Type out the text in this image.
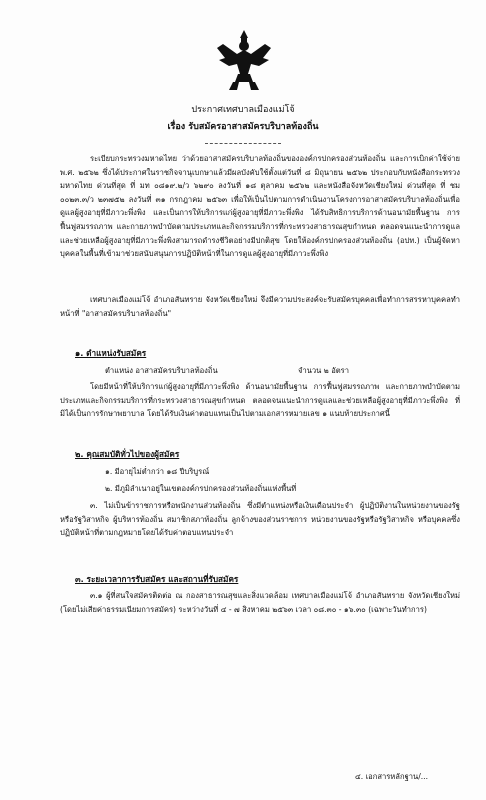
ประกาศเทศบาลเมืองแม่โจ้
เรื่อง รับสมัครอาสาสมัครบริบาลท้องถิ่น
ระเบียบกระทรวงมหาดไทย ว่าด้วยอาสาสมัครบริบาลท้องถิ่นขององค์กรปกครองส่วนท้องถิ่น และการเบิกค่าใช้จ่าย พ.ศ. ๒๕๖๒ ซึ่งได้ประกาศในราชกิจจานุเบกษาแล้วมีผลบังคับใช้ตั้งแต่วันที่ ๘ มิถุนายน ๒๕๖๒ ประกอบกับหนังสือกระทรวงมหาดไทย ด่วนที่สุด ที่ มท ๐๘๑๙.๒/ว ๖๒๙๐ ลงวันที่ ๑๘ ตุลาคม ๒๕๖๒ และหนังสือจังหวัดเชียงใหม่ ด่วนที่สุด ที่ ชม ๐๐๒๓.๓/ว ๒๓๗๕๒ ลงวันที่ ๓๑ กรกฎาคม ๒๕๖๓ เพื่อให้เป็นไปตามการดำเนินงานโครงการอาสาสมัครบริบาลท้องถิ่นเพื่อดูแลผู้สูงอายุที่มีภาวะพึ่งพิง และเป็นการให้บริการแก่ผู้สูงอายุที่มีภาวะพึ่งพิง ได้รับสิทธิการบริการด้านอนามัยพื้นฐาน การฟื้นฟูสมรรถภาพ และกายภาพบำบัดตามประเภทและกิจกรรมบริการที่กระทรวงสาธารณสุขกำหนด ตลอดจนแนะนำการดูแล และช่วยเหลือผู้สูงอายุที่มีภาวะพึ่งพิงสามารถดำรงชีวิตอย่างมีปกติสุข โดยให้องค์กรปกครองส่วนท้องถิ่น (อปท.) เป็นผู้จัดหาบุคคลในพื้นที่เข้ามาช่วยสนับสนุนการปฏิบัติหน้าที่ในการดูแลผู้สูงอายุที่มีภาวะพึ่งพิง
เทศบาลเมืองแม่โจ้ อำเภอสันทราย จังหวัดเชียงใหม่ จึงมีความประสงค์จะรับสมัครบุคคลเพื่อทำการสรรหาบุคคลทำหน้าที่ "อาสาสมัครบริบาลท้องถิ่น"
๑. ตำแหน่งรับสมัคร
ตำแหน่ง อาสาสมัครบริบาลท้องถิ่น	จำนวน ๒ อัตรา
โดยมีหน้าที่ให้บริการแก่ผู้สูงอายุที่มีภาวะพึ่งพิง ด้านอนามัยพื้นฐาน การฟื้นฟูสมรรถภาพ และกายภาพบำบัดตามประเภทและกิจกรรมบริการที่กระทรวงสาธารณสุขกำหนด ตลอดจนแนะนำการดูแลและช่วยเหลือผู้สูงอายุที่มีภาวะพึ่งพิง ที่มิได้เป็นการรักษาพยาบาล โดยได้รับเงินค่าตอบแทนเป็นไปตามเอกสารหมายเลข ๑ แนบท้ายประกาศนี้
๒. คุณสมบัติทั่วไปของผู้สมัคร
๑. มีอายุไม่ต่ำกว่า ๑๘ ปีบริบูรณ์
๒. มีภูมิลำเนาอยู่ในเขตองค์กรปกครองส่วนท้องถิ่นแห่งพื้นที่
๓. ไม่เป็นข้าราชการหรือพนักงานส่วนท้องถิ่น ซึ่งมีตำแหน่งหรือเงินเดือนประจำ ผู้ปฏิบัติงานในหน่วยงานของรัฐ หรือรัฐวิสาหกิจ ผู้บริหารท้องถิ่น สมาชิกสภาท้องถิ่น ลูกจ้างของส่วนราชการ หน่วยงานของรัฐหรือรัฐวิสาหกิจ หรือบุคคลซึ่งปฏิบัติหน้าที่ตามกฎหมายโดยได้รับค่าตอบแทนประจำ
๓. ระยะเวลาการรับสมัคร และสถานที่รับสมัคร
๓.๑ ผู้ที่สนใจสมัครติดต่อ ณ กองสาธารณสุขและสิ่งแวดล้อม เทศบาลเมืองแม่โจ้ อำเภอสันทราย จังหวัดเชียงใหม่ (โดยไม่เสียค่าธรรมเนียมการสมัคร) ระหว่างวันที่ ๔ - ๗ สิงหาคม ๒๕๖๓ เวลา ๐๘.๓๐ - ๑๖.๓๐ (เฉพาะวันทำการ)
๔. เอกสารหลักฐาน/...
